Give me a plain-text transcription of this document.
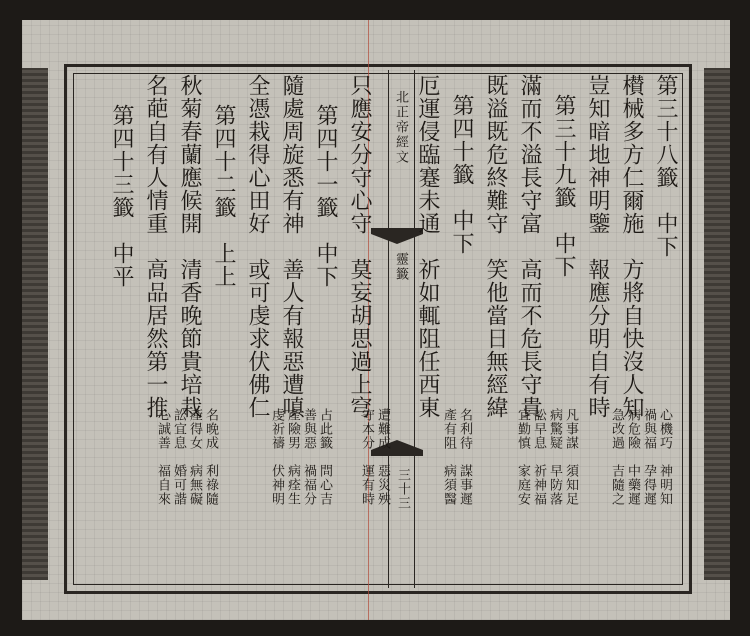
第三十八籤　中下

櫕械多方仁爾施　方將自快沒人知

豈知暗地神明鑒　報應分明自有時

第三十九籤　中下

滿而不溢長守富　高而不危長守貴

既溢既危終難守　笑他當日無經緯

第四十籤　中下

厄運侵臨蹇未通　祈如輒阻任西東

心機巧　神明知

禍與福　孕得遲

病危險　中藥遲

急改過　吉隨之

凡事謀　須知足

病驚疑　早防落

訟早息　祈神福

宜勤慎　家庭安

名利待　謀事遲

產有阻　病須醫

只應安分守心守　莫妄胡思過上穹

第四十一籤　中下

隨處周旋悉有神　善人有報惡遭嗔

全憑栽得心田好　或可虔求伏佛仁

第四十二籤　上上

秋菊春蘭應候開　清香晚節貴培栽

名葩自有人情重　高品居然第一推

第四十三籤　中平

遭難成　惡災殃

守本分　運有時

占此籤　問心吉

善與惡　禍福分

產險男　病痊生

虔祈禱　伏神明

名晚成　利祿隨

產得女　病無礙

訟宜息　婚可諧

心誠善　福自來

北正帝經文

靈籤

三十三
